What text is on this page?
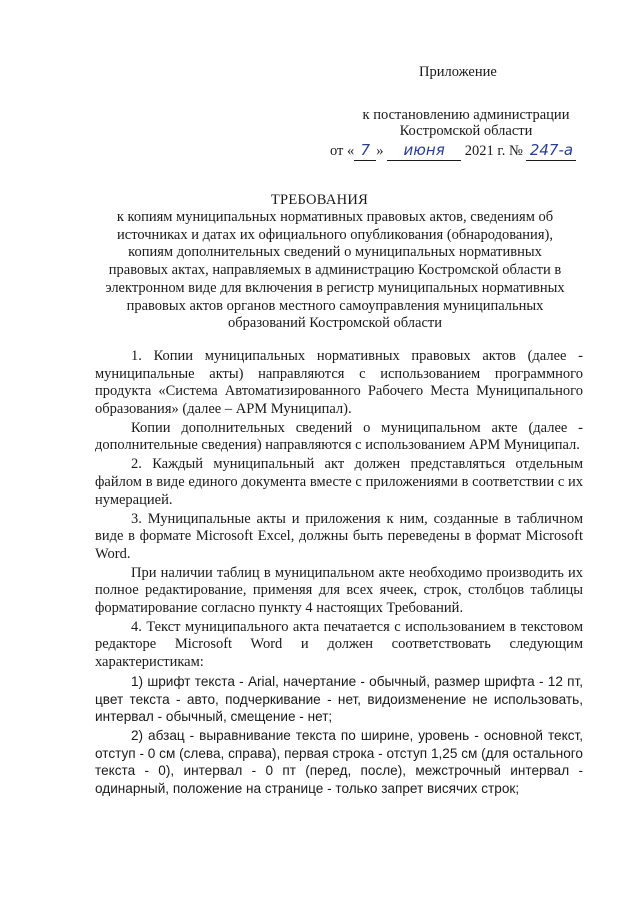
Приложение
к постановлению администрации
Костромской области
от « 7 » июня 2021 г. № 247-а
ТРЕБОВАНИЯ
к копиям муниципальных нормативных правовых актов, сведениям об источниках и датах их официального опубликования (обнародования), копиям дополнительных сведений о муниципальных нормативных правовых актах, направляемых в администрацию Костромской области в электронном виде для включения в регистр муниципальных нормативных правовых актов органов местного самоуправления муниципальных образований Костромской области

1. Копии муниципальных нормативных правовых актов (далее - муниципальные акты) направляются с использованием программного продукта «Система Автоматизированного Рабочего Места Муниципального образования» (далее – АРМ Муниципал).

Копии дополнительных сведений о муниципальном акте (далее - дополнительные сведения) направляются с использованием АРМ Муниципал.

2. Каждый муниципальный акт должен представляться отдельным файлом в виде единого документа вместе с приложениями в соответствии с их нумерацией.

3. Муниципальные акты и приложения к ним, созданные в табличном виде в формате Microsoft Excel, должны быть переведены в формат Microsoft Word.

При наличии таблиц в муниципальном акте необходимо производить их полное редактирование, применяя для всех ячеек, строк, столбцов таблицы форматирование согласно пункту 4 настоящих Требований.

4. Текст муниципального акта печатается с использованием в текстовом редакторе Microsoft Word и должен соответствовать следующим характеристикам:

1) шрифт текста - Arial, начертание - обычный, размер шрифта - 12 пт, цвет текста - авто, подчеркивание - нет, видоизменение не использовать, интервал - обычный, смещение - нет;

2) абзац - выравнивание текста по ширине, уровень - основной текст, отступ - 0 см (слева, справа), первая строка - отступ 1,25 см (для остального текста - 0), интервал - 0 пт (перед, после), межстрочный интервал - одинарный, положение на странице - только запрет висячих строк;
